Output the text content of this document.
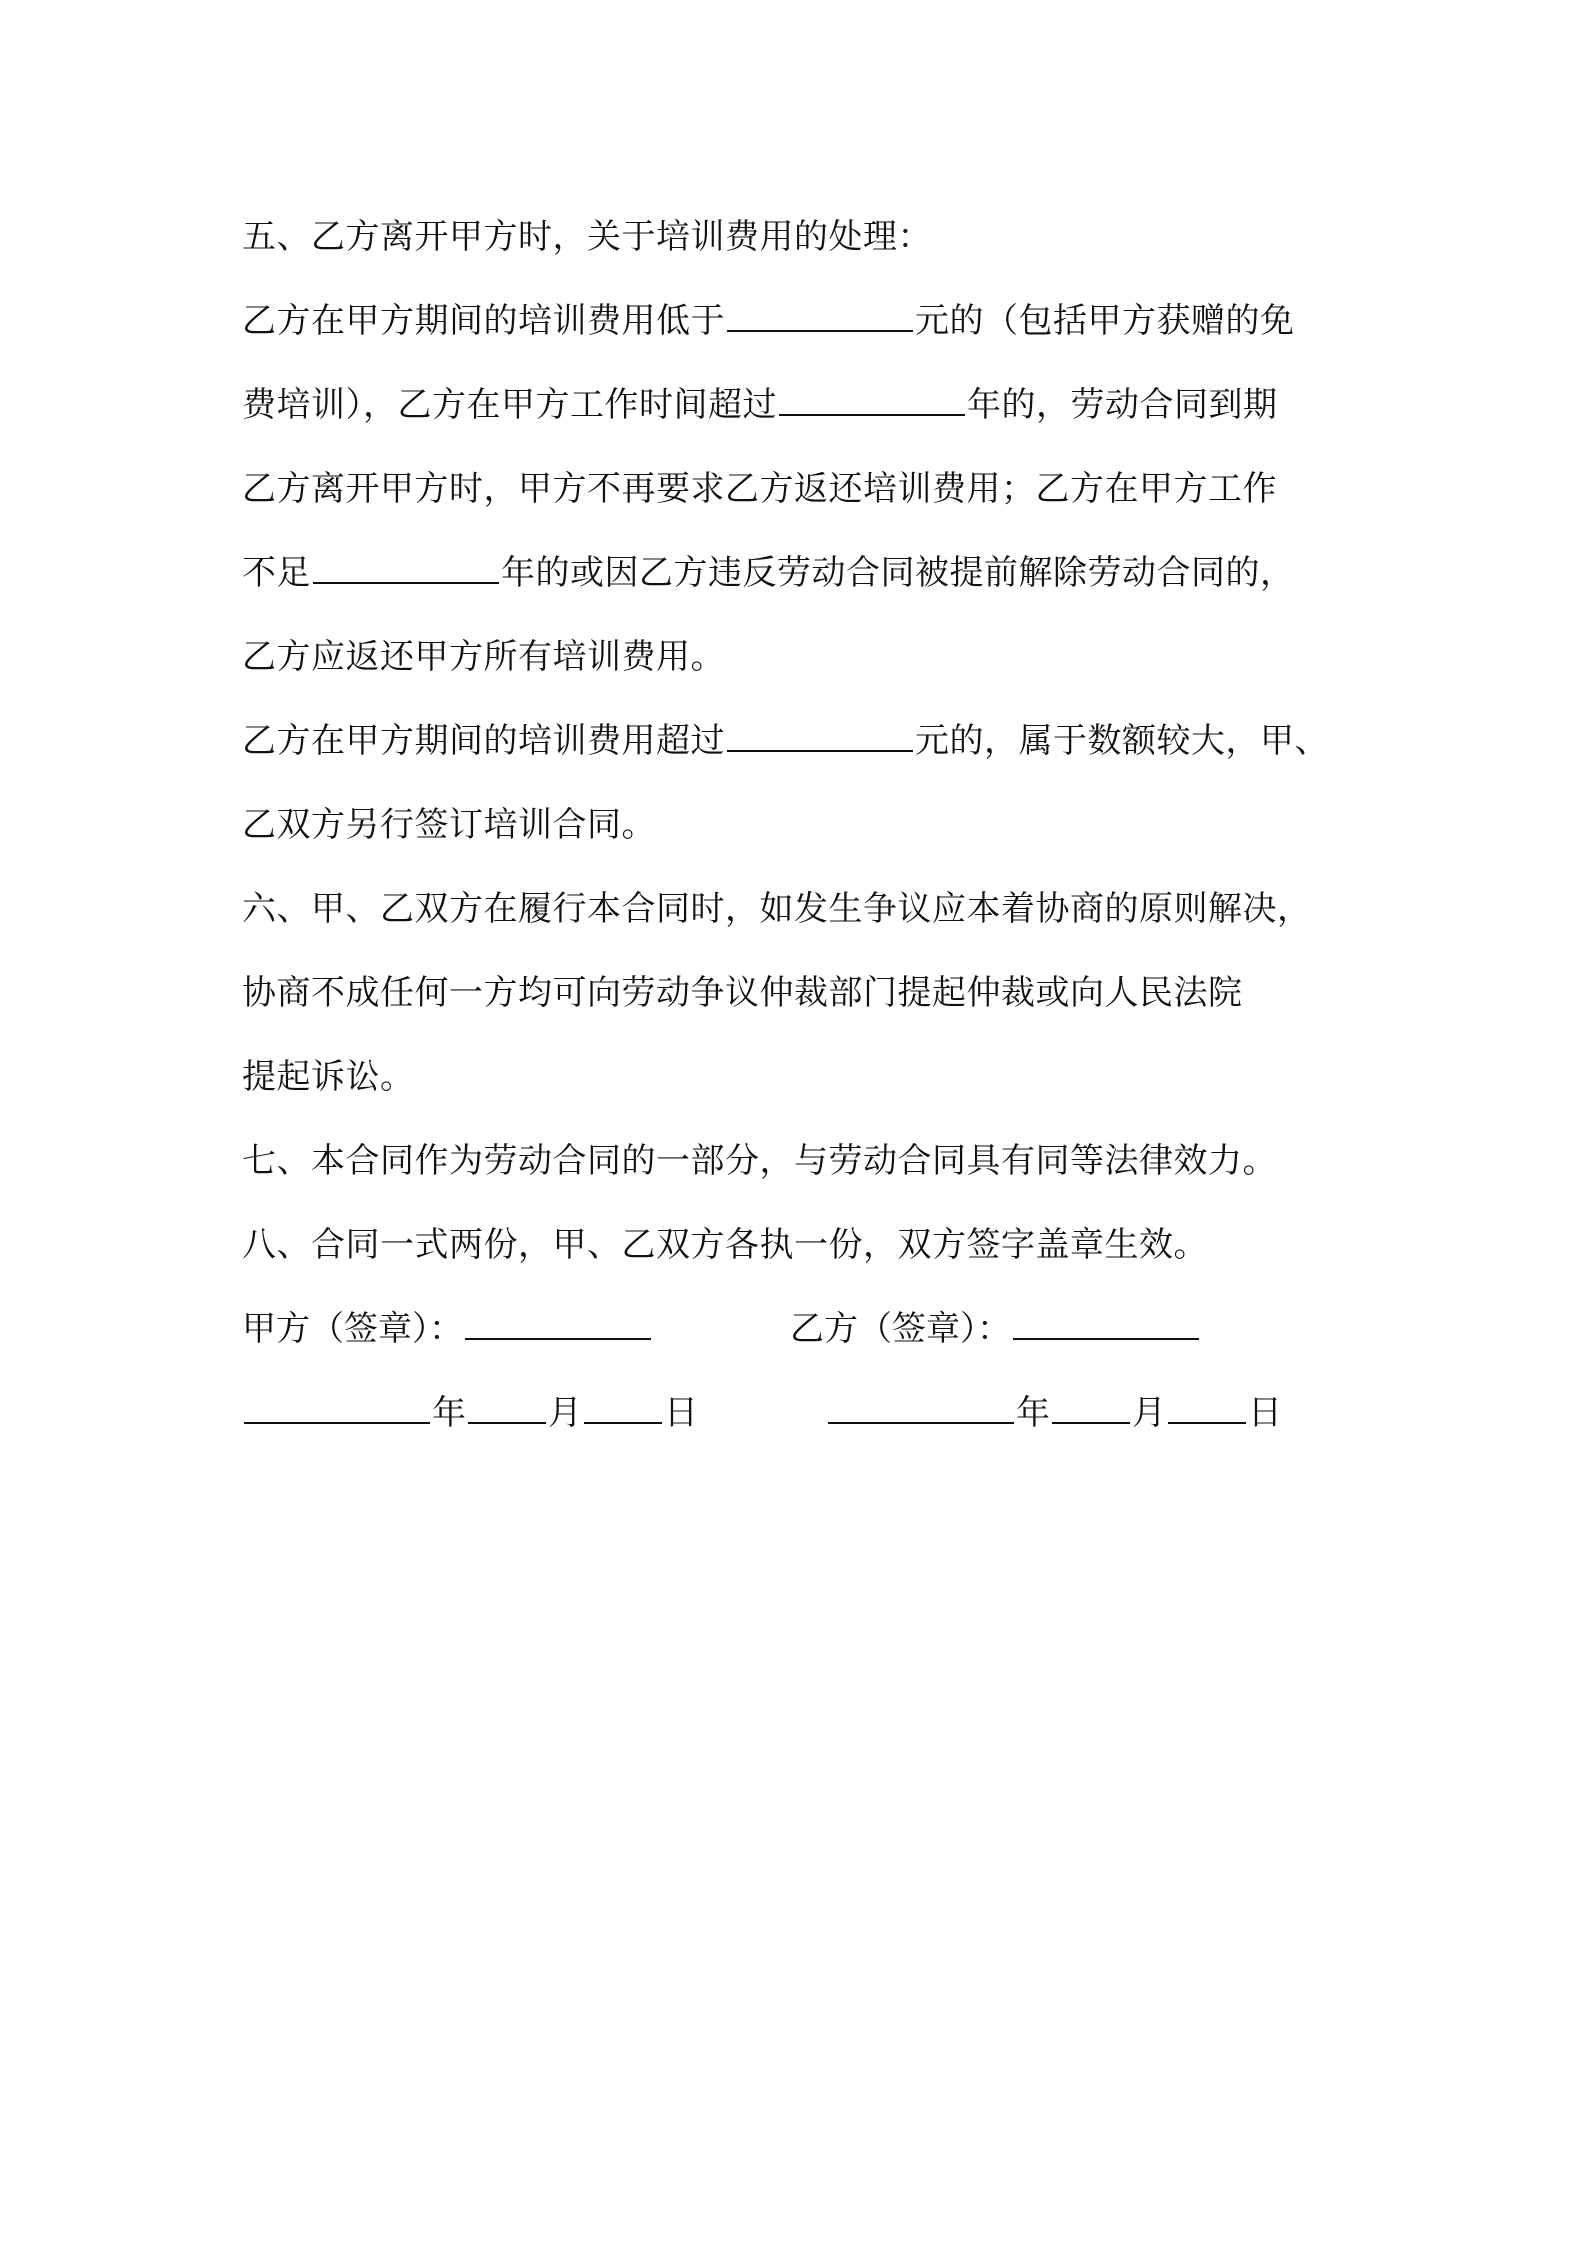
五、乙方离开甲方时，关于培训费用的处理：
乙方在甲方期间的培训费用低于	元的（包括甲方获赠的免
费培训），乙方在甲方工作时间超过	年的，劳动合同到期
乙方离开甲方时，甲方不再要求乙方返还培训费用；乙方在甲方工作
不足	年的或因乙方违反劳动合同被提前解除劳动合同的，
乙方应返还甲方所有培训费用。
乙方在甲方期间的培训费用超过	元的，属于数额较大，甲、
乙双方另行签订培训合同。
六、甲、乙双方在履行本合同时，如发生争议应本着协商的原则解决，
协商不成任何一方均可向劳动争议仲裁部门提起仲裁或向人民法院
提起诉讼。
七、本合同作为劳动合同的一部分，与劳动合同具有同等法律效力。
八、合同一式两份，甲、乙双方各执一份，双方签字盖章生效。
甲方（签章）：	乙方（签章）：
年 月 日	年 月 日
